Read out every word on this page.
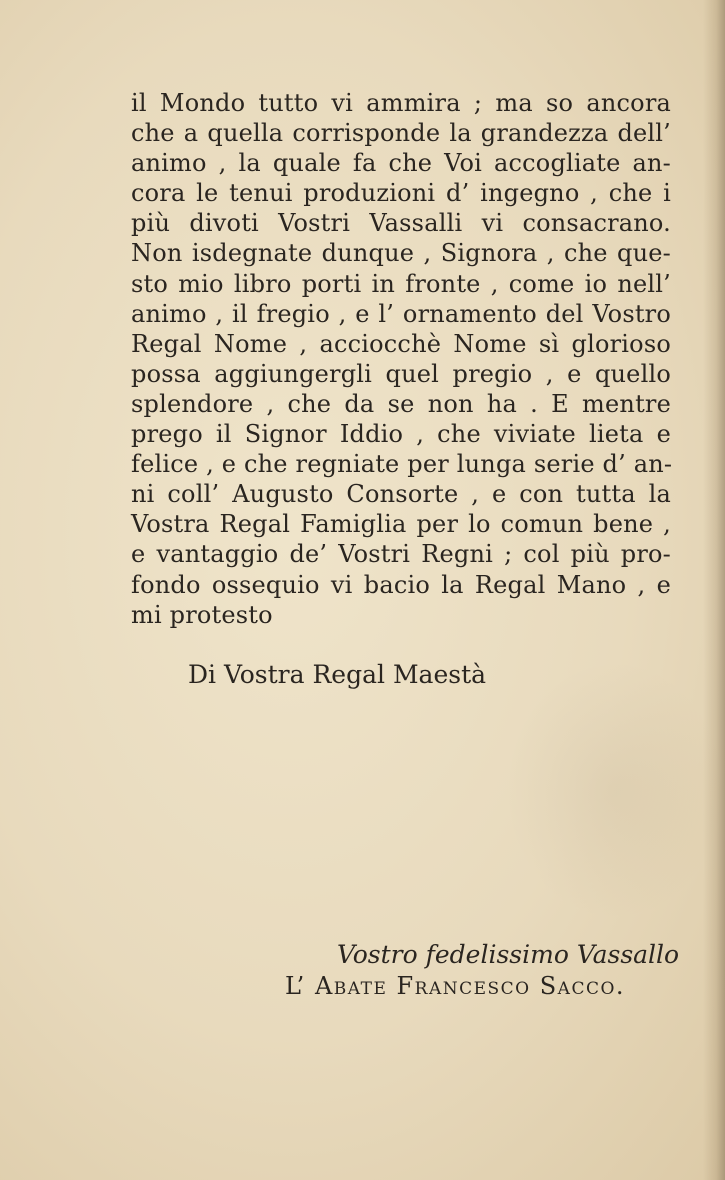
il Mondo tutto vi ammira ; ma so ancora
che a quella corrisponde la grandezza dell’
animo , la quale fa che Voi accogliate an-
cora le tenui produzioni d’ ingegno , che i
più divoti Vostri Vassalli vi consacrano.
Non isdegnate dunque , Signora , che que-
sto mio libro porti in fronte , come io nell’
animo , il fregio , e l’ ornamento del Vostro
Regal Nome , acciocchè Nome sì glorioso
possa aggiungergli quel pregio , e quello
splendore , che da se non ha . E mentre
prego il Signor Iddio , che viviate lieta e
felice , e che regniate per lunga serie d’ an-
ni coll’ Augusto Consorte , e con tutta la
Vostra Regal Famiglia per lo comun bene ,
e vantaggio de’ Vostri Regni ; col più pro-
fondo ossequio vi bacio la Regal Mano , e
mi protesto
Di Vostra Regal Maestà
Vostro fedelissimo Vassallo
L’ Abate Francesco Sacco.
